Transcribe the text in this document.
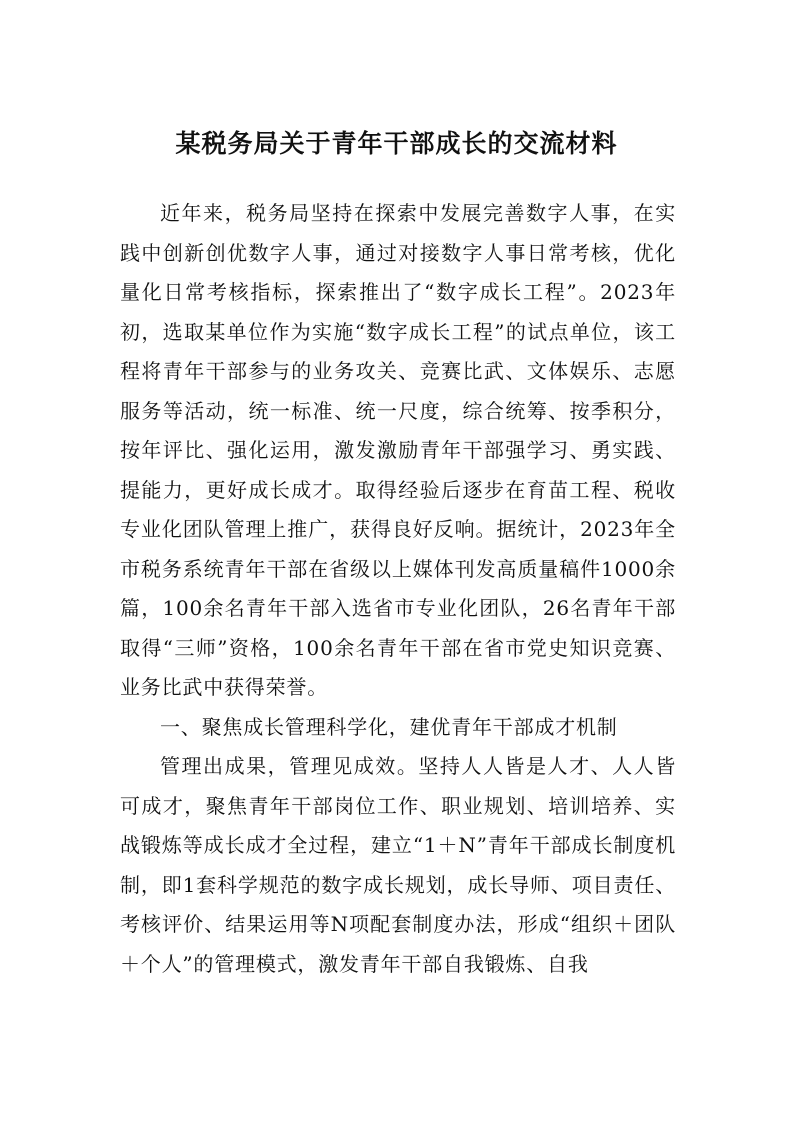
某税务局关于青年干部成长的交流材料

近年来，税务局坚持在探索中发展完善数字人事，在实践中创新创优数字人事，通过对接数字人事日常考核，优化量化日常考核指标，探索推出了“数字成长工程”。2023年初，选取某单位作为实施“数字成长工程”的试点单位，该工程将青年干部参与的业务攻关、竞赛比武、文体娱乐、志愿服务等活动，统一标准、统一尺度，综合统筹、按季积分，按年评比、强化运用，激发激励青年干部强学习、勇实践、提能力，更好成长成才。取得经验后逐步在育苗工程、税收专业化团队管理上推广，获得良好反响。据统计，2023年全市税务系统青年干部在省级以上媒体刊发高质量稿件1000余篇，100余名青年干部入选省市专业化团队，26名青年干部取得“三师”资格，100余名青年干部在省市党史知识竞赛、业务比武中获得荣誉。

一、聚焦成长管理科学化，建优青年干部成才机制

管理出成果，管理见成效。坚持人人皆是人才、人人皆可成才，聚焦青年干部岗位工作、职业规划、培训培养、实战锻炼等成长成才全过程，建立“1＋N”青年干部成长制度机制，即1套科学规范的数字成长规划，成长导师、项目责任、考核评价、结果运用等N项配套制度办法，形成“组织＋团队＋个人”的管理模式，激发青年干部自我锻炼、自我
